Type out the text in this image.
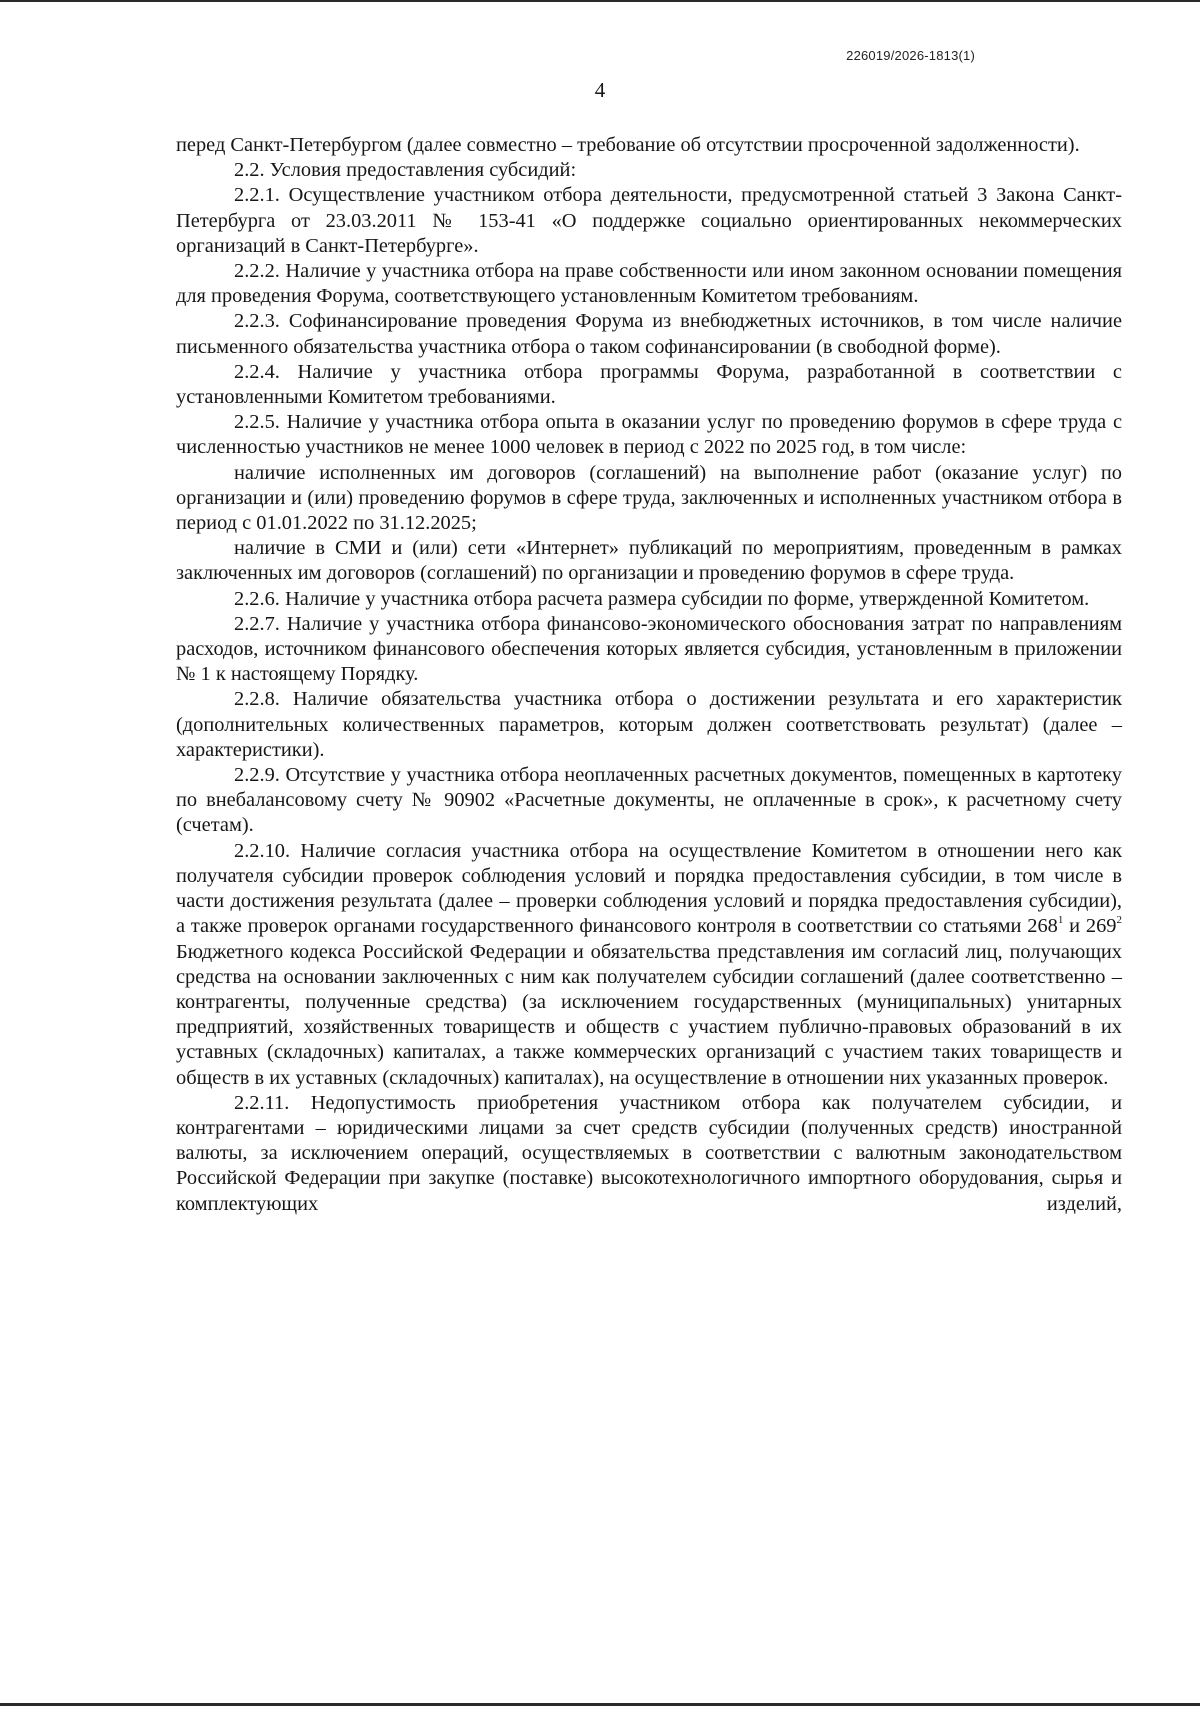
226019/2026-1813(1)
4

перед Санкт-Петербургом (далее совместно – требование об отсутствии просроченной задолженности).

2.2. Условия предоставления субсидий:

2.2.1. Осуществление участником отбора деятельности, предусмотренной статьей 3 Закона Санкт-Петербурга от 23.03.2011 № 153-41 «О поддержке социально ориентированных некоммерческих организаций в Санкт-Петербурге».

2.2.2. Наличие у участника отбора на праве собственности или ином законном основании помещения для проведения Форума, соответствующего установленным Комитетом требованиям.

2.2.3. Софинансирование проведения Форума из внебюджетных источников, в том числе наличие письменного обязательства участника отбора о таком софинансировании (в свободной форме).

2.2.4. Наличие у участника отбора программы Форума, разработанной в соответствии с установленными Комитетом требованиями.

2.2.5. Наличие у участника отбора опыта в оказании услуг по проведению форумов в сфере труда с численностью участников не менее 1000 человек в период с 2022 по 2025 год, в том числе:

наличие исполненных им договоров (соглашений) на выполнение работ (оказание услуг) по организации и (или) проведению форумов в сфере труда, заключенных и исполненных участником отбора в период с 01.01.2022 по 31.12.2025;

наличие в СМИ и (или) сети «Интернет» публикаций по мероприятиям, проведенным в рамках заключенных им договоров (соглашений) по организации и проведению форумов в сфере труда.

2.2.6. Наличие у участника отбора расчета размера субсидии по форме, утвержденной Комитетом.

2.2.7. Наличие у участника отбора финансово-экономического обоснования затрат по направлениям расходов, источником финансового обеспечения которых является субсидия, установленным в приложении № 1 к настоящему Порядку.

2.2.8. Наличие обязательства участника отбора о достижении результата и его характеристик (дополнительных количественных параметров, которым должен соответствовать результат) (далее – характеристики).

2.2.9. Отсутствие у участника отбора неоплаченных расчетных документов, помещенных в картотеку по внебалансовому счету № 90902 «Расчетные документы, не оплаченные в срок», к расчетному счету (счетам).

2.2.10. Наличие согласия участника отбора на осуществление Комитетом в отношении него как получателя субсидии проверок соблюдения условий и порядка предоставления субсидии, в том числе в части достижения результата (далее – проверки соблюдения условий и порядка предоставления субсидии), а также проверок органами государственного финансового контроля в соответствии со статьями $268^1$ и $269^2$ Бюджетного кодекса Российской Федерации и обязательства представления им согласий лиц, получающих средства на основании заключенных с ним как получателем субсидии соглашений (далее соответственно – контрагенты, полученные средства) (за исключением государственных (муниципальных) унитарных предприятий, хозяйственных товариществ и обществ с участием публично-правовых образований в их уставных (складочных) капиталах, а также коммерческих организаций с участием таких товариществ и обществ в их уставных (складочных) капиталах), на осуществление в отношении них указанных проверок.

2.2.11. Недопустимость приобретения участником отбора как получателем субсидии, и контрагентами – юридическими лицами за счет средств субсидии (полученных средств) иностранной валюты, за исключением операций, осуществляемых в соответствии с валютным законодательством Российской Федерации при закупке (поставке) высокотехнологичного импортного оборудования, сырья и комплектующих изделий,
